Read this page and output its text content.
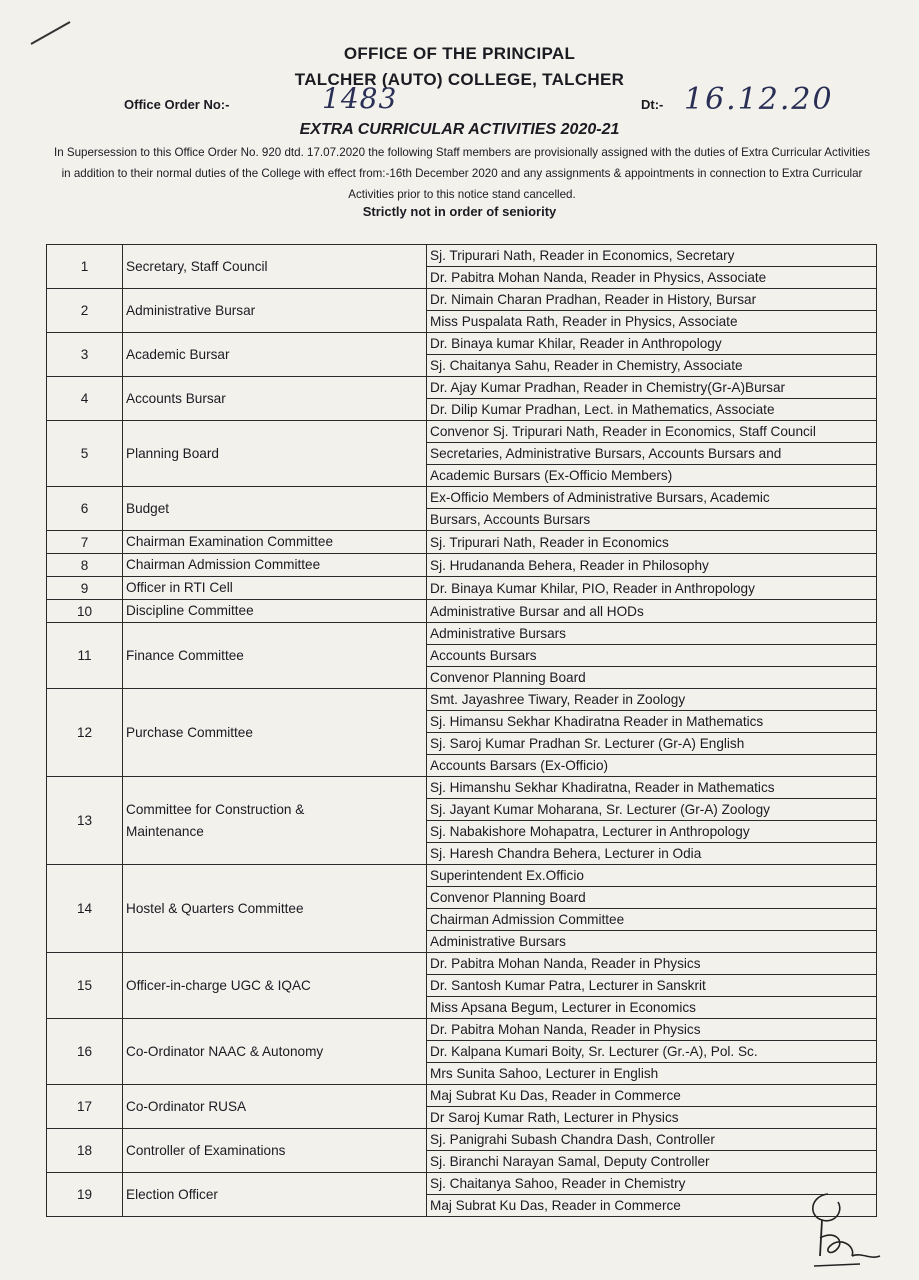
OFFICE OF THE PRINCIPAL
TALCHER (AUTO) COLLEGE, TALCHER
Office Order No:-	1483	Dt:- 16.12.20
EXTRA CURRICULAR ACTIVITIES 2020-21
In Supersession to this Office Order No. 920 dtd. 17.07.2020 the following Staff members are provisionally assigned with the duties of Extra Curricular Activities in addition to their normal duties of the College with effect from:-16th December 2020 and any assignments & appointments in connection to Extra Curricular Activities prior to this notice stand cancelled.
Strictly not in order of seniority
1	Secretary, Staff Council	Sj. Tripurari Nath, Reader in Economics, Secretary
		Dr. Pabitra Mohan Nanda, Reader in Physics, Associate
2	Administrative Bursar	Dr. Nimain Charan Pradhan, Reader in History, Bursar
		Miss Puspalata Rath, Reader in Physics, Associate
3	Academic Bursar	Dr. Binaya kumar Khilar, Reader in Anthropology
		Sj. Chaitanya Sahu, Reader in Chemistry, Associate
4	Accounts Bursar	Dr. Ajay Kumar Pradhan, Reader in Chemistry(Gr-A)Bursar
		Dr. Dilip Kumar Pradhan, Lect. in Mathematics, Associate
5	Planning Board	Convenor Sj. Tripurari Nath, Reader in Economics, Staff Council
		Secretaries, Administrative Bursars, Accounts Bursars and
		Academic Bursars (Ex-Officio Members)
6	Budget	Ex-Officio Members of Administrative Bursars, Academic
		Bursars, Accounts Bursars
7	Chairman Examination Committee	Sj. Tripurari Nath, Reader in Economics
8	Chairman Admission Committee	Sj. Hrudananda Behera, Reader in Philosophy
9	Officer in RTI Cell	Dr. Binaya Kumar Khilar, PIO, Reader in Anthropology
10	Discipline Committee	Administrative Bursar and all HODs
11	Finance Committee	Administrative Bursars
		Accounts Bursars
		Convenor Planning Board
12	Purchase Committee	Smt. Jayashree Tiwary, Reader in Zoology
		Sj. Himansu Sekhar Khadiratna Reader in Mathematics
		Sj. Saroj Kumar Pradhan Sr. Lecturer (Gr-A) English
		Accounts Barsars (Ex-Officio)
13	Committee for Construction &
Maintenance	Sj. Himanshu Sekhar Khadiratna, Reader in Mathematics
		Sj. Jayant Kumar Moharana, Sr. Lecturer (Gr-A) Zoology
		Sj. Nabakishore Mohapatra, Lecturer in Anthropology
		Sj. Haresh Chandra Behera, Lecturer in Odia
14	Hostel & Quarters Committee	Superintendent Ex.Officio
		Convenor Planning Board
		Chairman Admission Committee
		Administrative Bursars
15	Officer-in-charge UGC & IQAC	Dr. Pabitra Mohan Nanda, Reader in Physics
		Dr. Santosh Kumar Patra, Lecturer in Sanskrit
		Miss Apsana Begum, Lecturer in Economics
16	Co-Ordinator NAAC & Autonomy	Dr. Pabitra Mohan Nanda, Reader in Physics
		Dr. Kalpana Kumari Boity, Sr. Lecturer (Gr.-A), Pol. Sc.
		Mrs Sunita Sahoo, Lecturer in English
17	Co-Ordinator RUSA	Maj Subrat Ku Das, Reader in Commerce
		Dr Saroj Kumar Rath, Lecturer in Physics
18	Controller of Examinations	Sj. Panigrahi Subash Chandra Dash, Controller
		Sj. Biranchi Narayan Samal, Deputy Controller
19	Election Officer	Sj. Chaitanya Sahoo, Reader in Chemistry
		Maj Subrat Ku Das, Reader in Commerce
